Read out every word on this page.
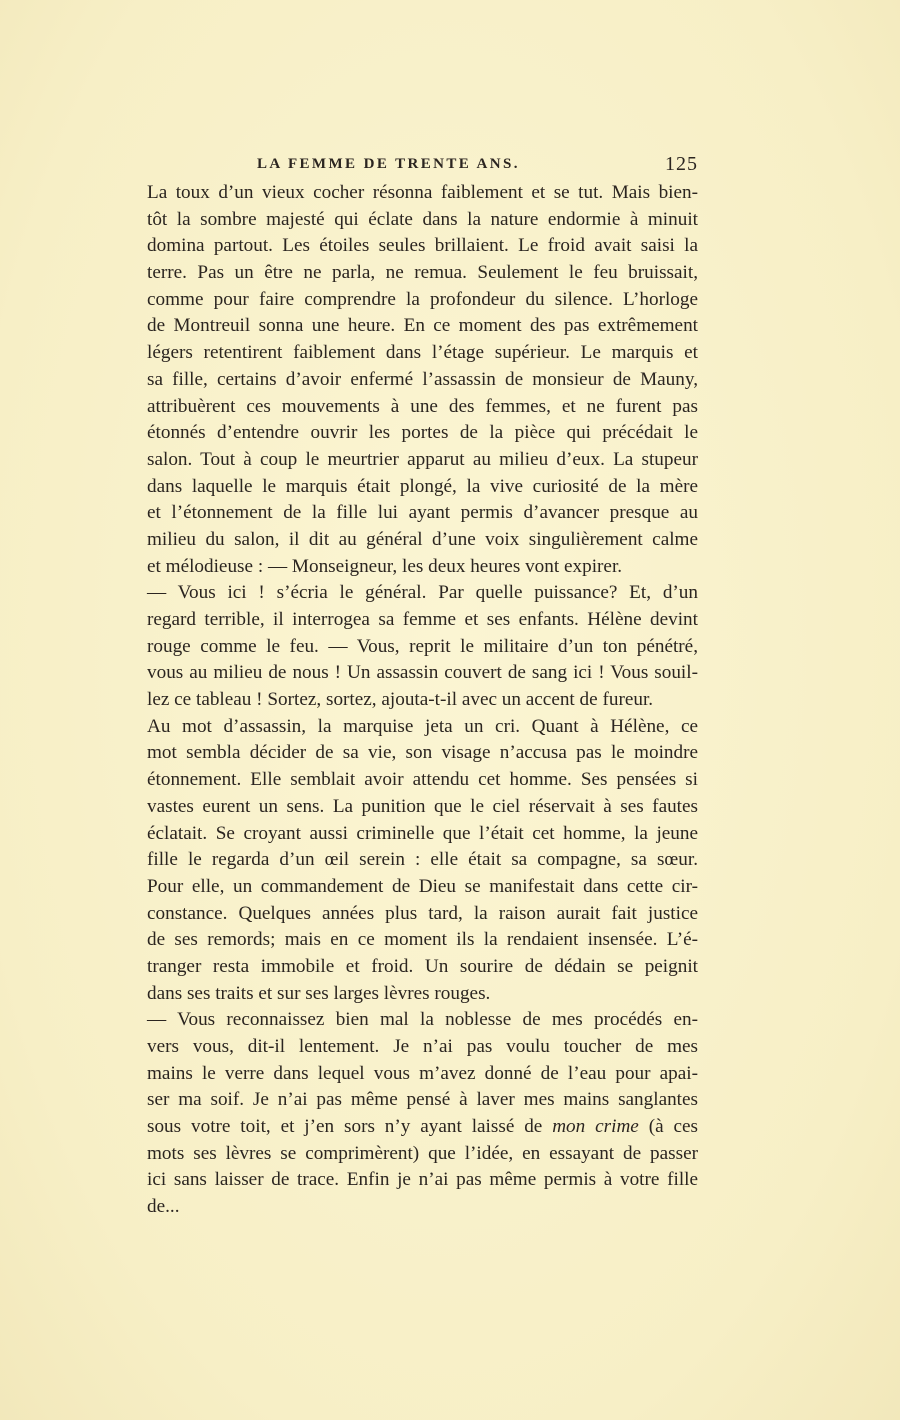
LA FEMME DE TRENTE ANS.	125
La toux d’un vieux cocher résonna faiblement et se tut. Mais bien-
tôt la sombre majesté qui éclate dans la nature endormie à minuit
domina partout. Les étoiles seules brillaient. Le froid avait saisi la
terre. Pas un être ne parla, ne remua. Seulement le feu bruissait,
comme pour faire comprendre la profondeur du silence. L’horloge
de Montreuil sonna une heure. En ce moment des pas extrêmement
légers retentirent faiblement dans l’étage supérieur. Le marquis et
sa fille, certains d’avoir enfermé l’assassin de monsieur de Mauny,
attribuèrent ces mouvements à une des femmes, et ne furent pas
étonnés d’entendre ouvrir les portes de la pièce qui précédait le
salon. Tout à coup le meurtrier apparut au milieu d’eux. La stupeur
dans laquelle le marquis était plongé, la vive curiosité de la mère
et l’étonnement de la fille lui ayant permis d’avancer presque au
milieu du salon, il dit au général d’une voix singulièrement calme
et mélodieuse : — Monseigneur, les deux heures vont expirer.
— Vous ici ! s’écria le général. Par quelle puissance? Et, d’un
regard terrible, il interrogea sa femme et ses enfants. Hélène devint
rouge comme le feu. — Vous, reprit le militaire d’un ton pénétré,
vous au milieu de nous ! Un assassin couvert de sang ici ! Vous souil-
lez ce tableau ! Sortez, sortez, ajouta-t-il avec un accent de fureur.
Au mot d’assassin, la marquise jeta un cri. Quant à Hélène, ce
mot sembla décider de sa vie, son visage n’accusa pas le moindre
étonnement. Elle semblait avoir attendu cet homme. Ses pensées si
vastes eurent un sens. La punition que le ciel réservait à ses fautes
éclatait. Se croyant aussi criminelle que l’était cet homme, la jeune
fille le regarda d’un œil serein : elle était sa compagne, sa sœur.
Pour elle, un commandement de Dieu se manifestait dans cette cir-
constance. Quelques années plus tard, la raison aurait fait justice
de ses remords; mais en ce moment ils la rendaient insensée. L’é-
tranger resta immobile et froid. Un sourire de dédain se peignit
dans ses traits et sur ses larges lèvres rouges.
— Vous reconnaissez bien mal la noblesse de mes procédés en-
vers vous, dit-il lentement. Je n’ai pas voulu toucher de mes
mains le verre dans lequel vous m’avez donné de l’eau pour apai-
ser ma soif. Je n’ai pas même pensé à laver mes mains sanglantes
sous votre toit, et j’en sors n’y ayant laissé de mon crime (à ces
mots ses lèvres se comprimèrent) que l’idée, en essayant de passer
ici sans laisser de trace. Enfin je n’ai pas même permis à votre fille
de...
